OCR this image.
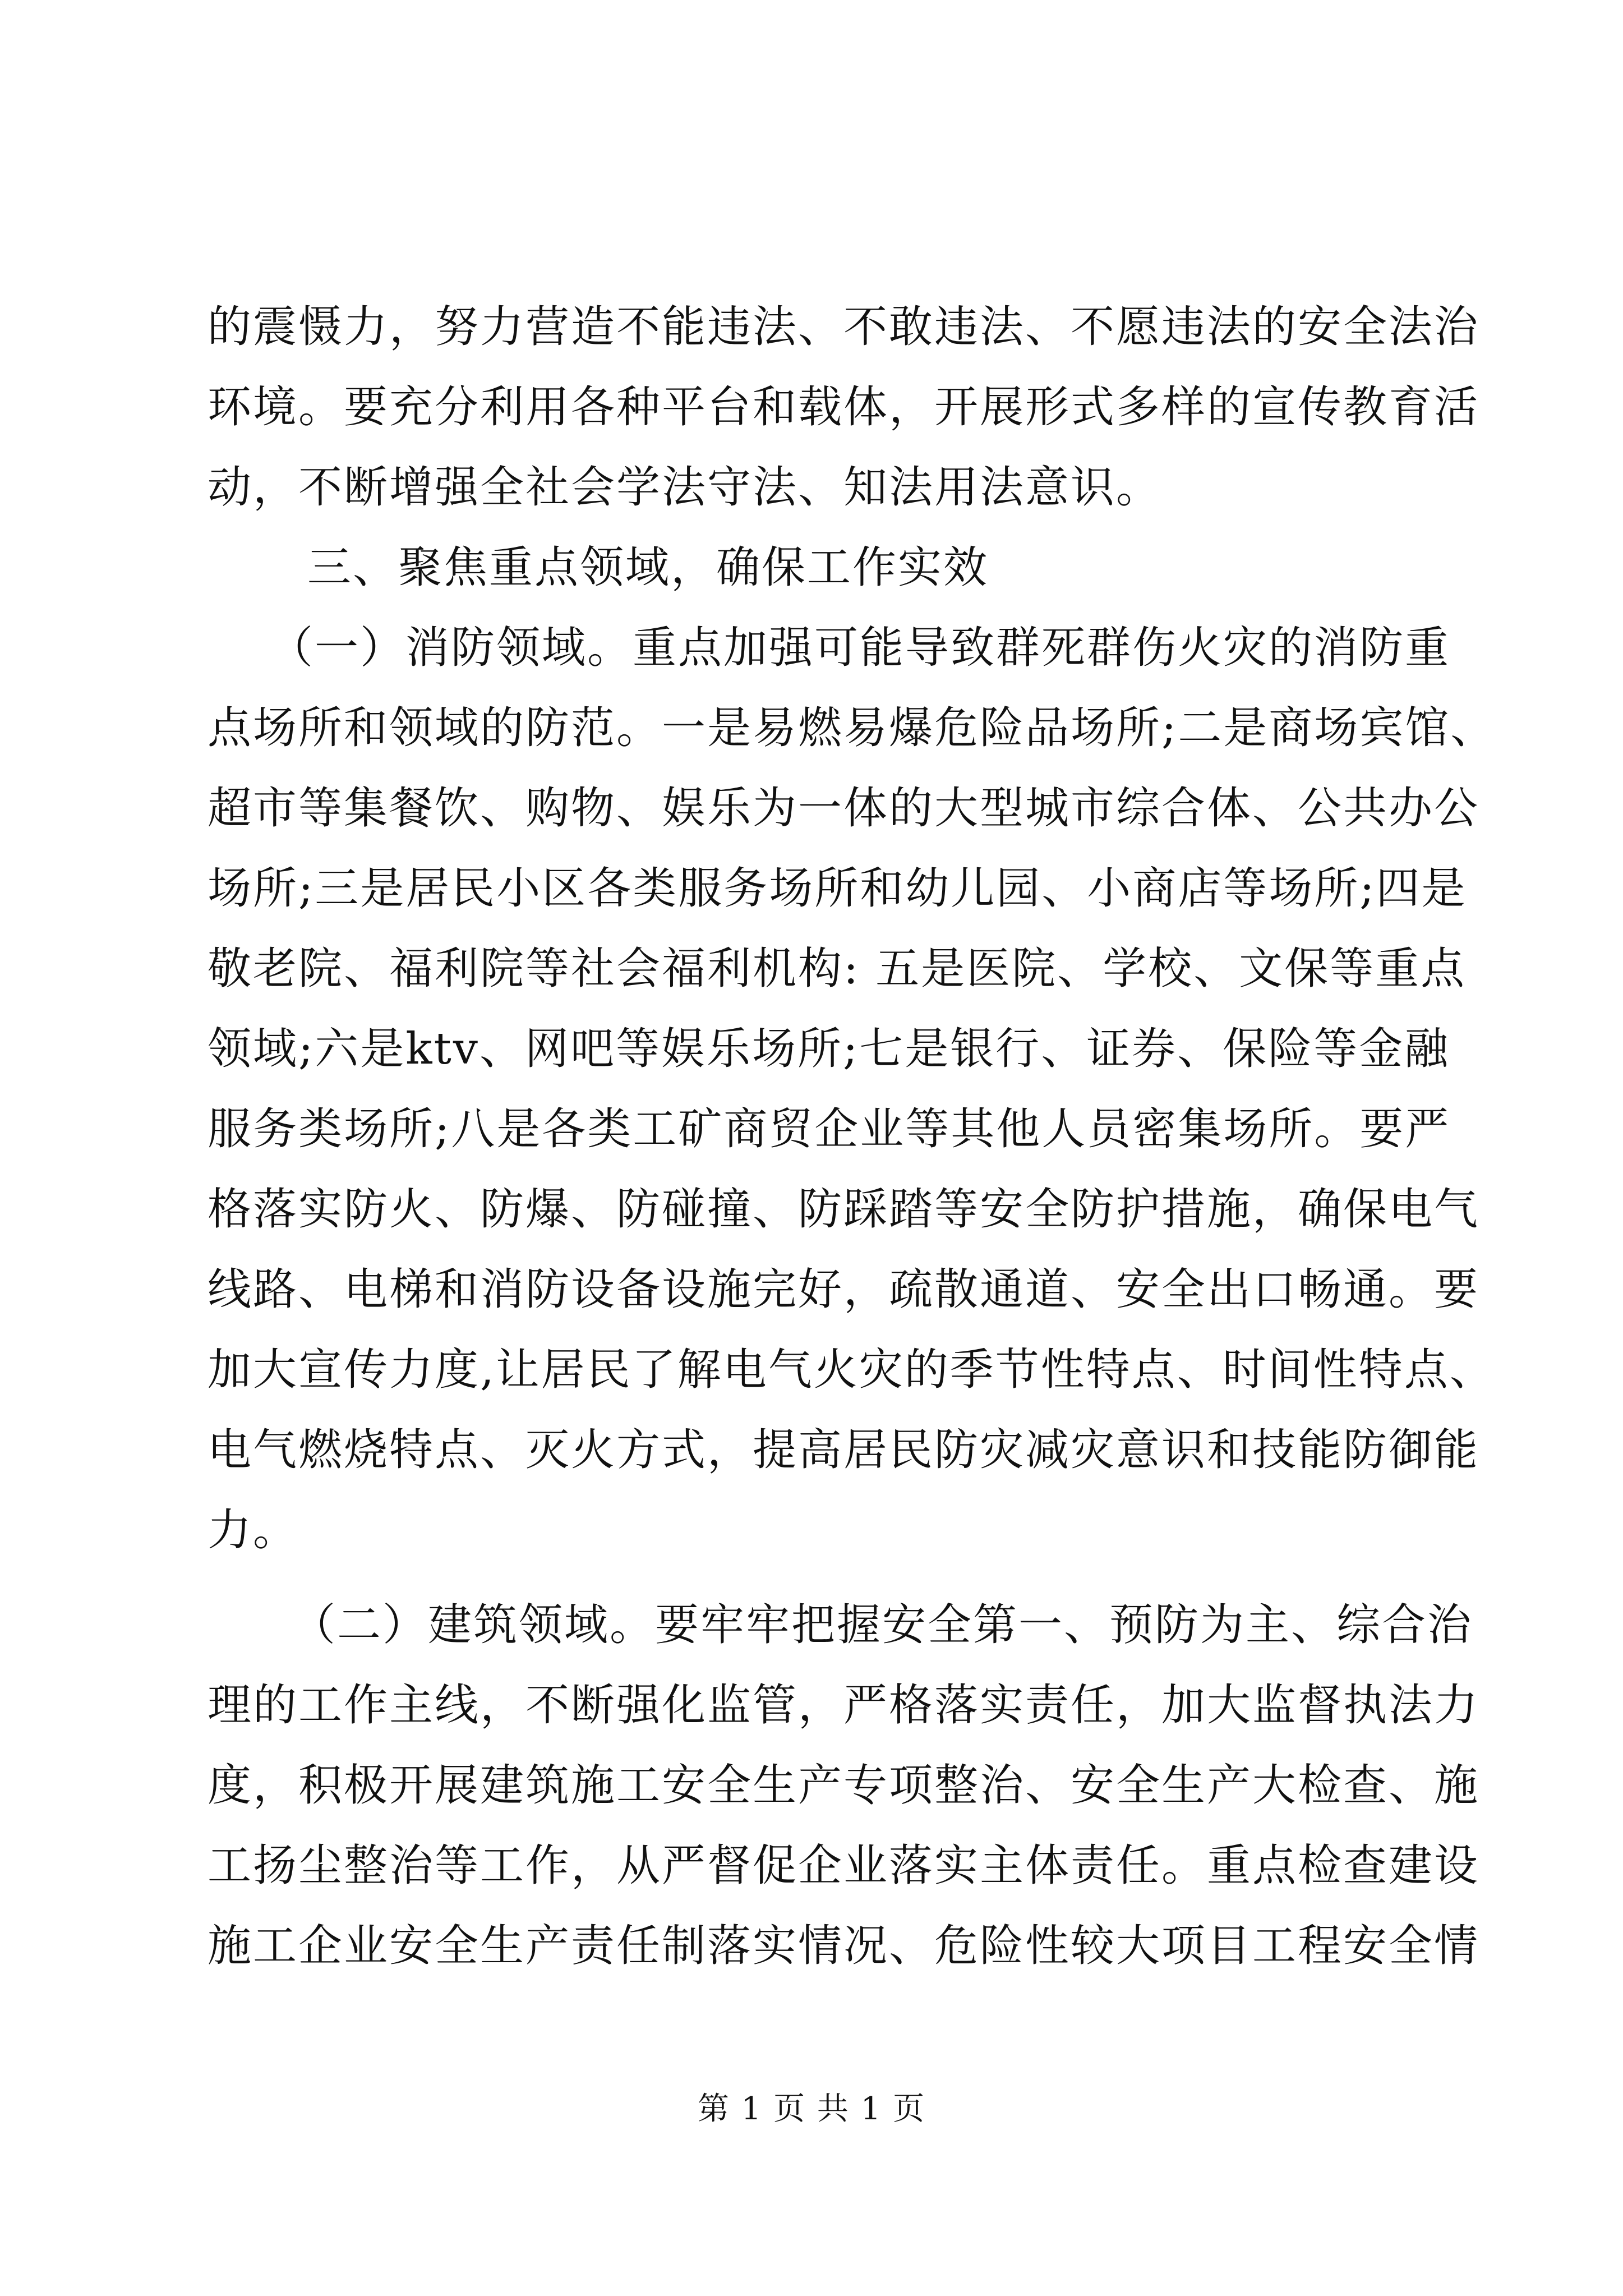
的震慑力，努力营造不能违法、不敢违法、不愿违法的安全法治
环境。要充分利用各种平台和载体，开展形式多样的宣传教育活
动，不断增强全社会学法守法、知法用法意识。
三、聚焦重点领域，确保工作实效
（一）消防领域。重点加强可能导致群死群伤火灾的消防重
点场所和领域的防范。一是易燃易爆危险品场所;二是商场宾馆、
超市等集餐饮、购物、娱乐为一体的大型城市综合体、公共办公
场所;三是居民小区各类服务场所和幼儿园、小商店等场所;四是
敬老院、福利院等社会福利机构: 五是医院、学校、文保等重点
领域;六是ktv、网吧等娱乐场所;七是银行、证券、保险等金融
服务类场所;八是各类工矿商贸企业等其他人员密集场所。要严
格落实防火、防爆、防碰撞、防踩踏等安全防护措施，确保电气
线路、电梯和消防设备设施完好，疏散通道、安全出口畅通。要
加大宣传力度,让居民了解电气火灾的季节性特点、时间性特点、
电气燃烧特点、灭火方式，提高居民防灾减灾意识和技能防御能
力。
（二）建筑领域。要牢牢把握安全第一、预防为主、综合治
理的工作主线，不断强化监管，严格落实责任，加大监督执法力
度，积极开展建筑施工安全生产专项整治、安全生产大检查、施
工扬尘整治等工作，从严督促企业落实主体责任。重点检查建设
施工企业安全生产责任制落实情况、危险性较大项目工程安全情
第 1 页 共 1 页
